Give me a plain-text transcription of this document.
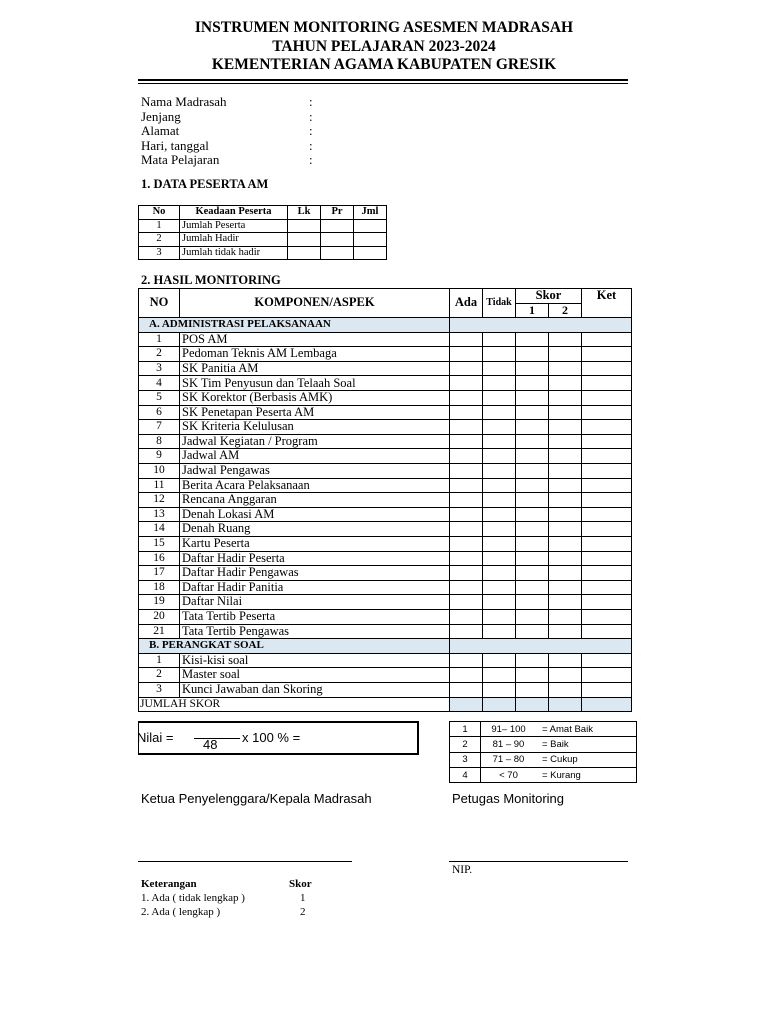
INSTRUMEN MONITORING ASESMEN MADRASAH
TAHUN PELAJARAN 2023-2024
KEMENTERIAN AGAMA KABUPATEN GRESIK
Nama Madrasah	:
Jenjang	:
Alamat	:
Hari, tanggal	:
Mata Pelajaran	:
1. DATA PESERTA AM
No	Keadaan Peserta	Lk	Pr	Jml
1	Jumlah Peserta			
2	Jumlah Hadir			
3	Jumlah tidak hadir			
2. HASIL MONITORING
NO	KOMPONEN/ASPEK	Ada	Tidak	Skor		Ket
				1	2	
A. ADMINISTRASI PELAKSANAAN						
1	POS AM					
2	Pedoman Teknis AM Lembaga					
3	SK Panitia AM					
4	SK Tim Penyusun dan Telaah Soal					
5	SK Korektor (Berbasis AMK)					
6	SK Penetapan Peserta AM					
7	SK Kriteria Kelulusan					
8	Jadwal Kegiatan / Program					
9	Jadwal AM					
10	Jadwal Pengawas					
11	Berita Acara Pelaksanaan					
12	Rencana Anggaran					
13	Denah Lokasi AM					
14	Denah Ruang					
15	Kartu Peserta					
16	Daftar Hadir Peserta					
17	Daftar Hadir Pengawas					
18	Daftar Hadir Panitia					
19	Daftar Nilai					
20	Tata Tertib Peserta					
21	Tata Tertib Pengawas					
B. PERANGKAT SOAL						
1	Kisi-kisi soal					
2	Master soal					
3	Kunci Jawaban dan Skoring					
JUMLAH SKOR						
Nilai = 48 x 100 % =
1	91– 100	= Amat Baik
2	81 – 90	= Baik
3	71 – 80	= Cukup
4	< 70	= Kurang
Ketua Penyelenggara/Kepala Madrasah	Petugas Monitoring
NIP.
Keterangan	Skor
1. Ada ( tidak lengkap )	1
2. Ada ( lengkap )	2
